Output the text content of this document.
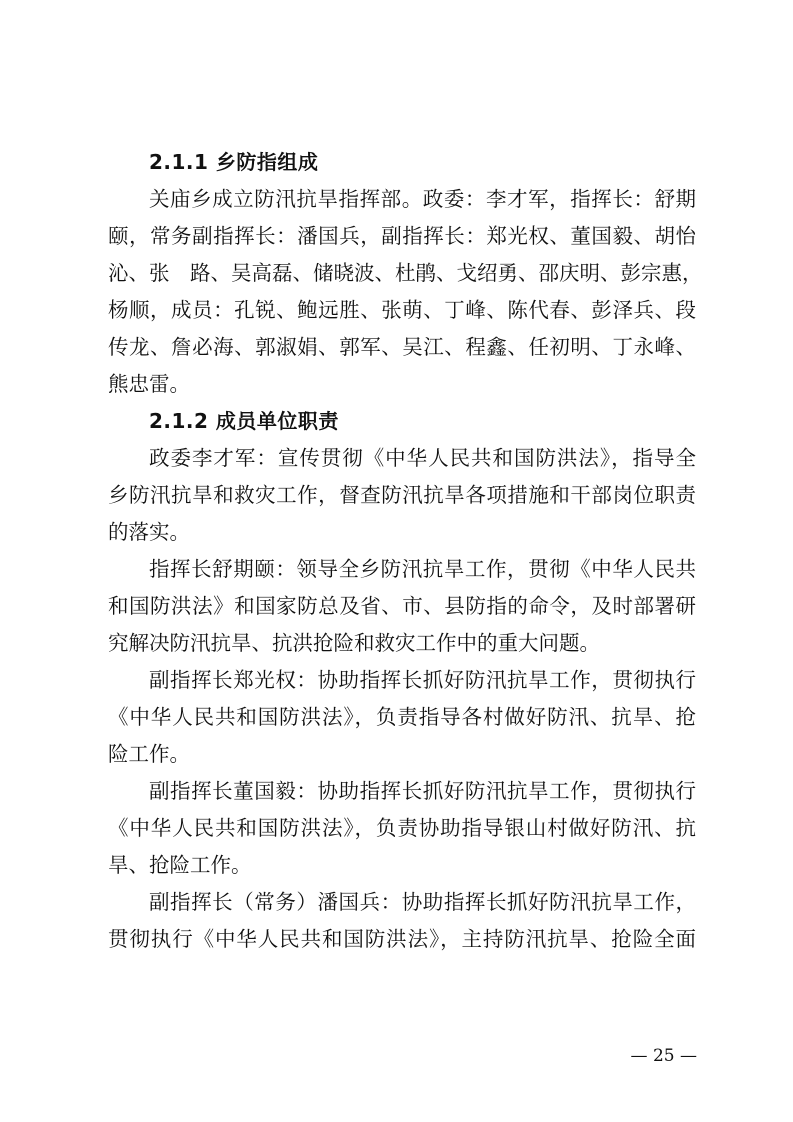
2.1.1 乡防指组成

关庙乡成立防汛抗旱指挥部。政委：李才军，指挥长：舒期
颐，常务副指挥长：潘国兵，副指挥长：郑光权、董国毅、胡怡
沁、张　路、吴高磊、储晓波、杜鹃、戈绍勇、邵庆明、彭宗惠，
杨顺，成员：孔锐、鲍远胜、张萌、丁峰、陈代春、彭泽兵、段
传龙、詹必海、郭淑娟、郭军、吴江、程鑫、任初明、丁永峰、
熊忠雷。

2.1.2 成员单位职责

政委李才军：宣传贯彻《中华人民共和国防洪法》，指导全
乡防汛抗旱和救灾工作，督查防汛抗旱各项措施和干部岗位职责
的落实。

指挥长舒期颐：领导全乡防汛抗旱工作，贯彻《中华人民共
和国防洪法》和国家防总及省、市、县防指的命令，及时部署研
究解决防汛抗旱、抗洪抢险和救灾工作中的重大问题。

副指挥长郑光权：协助指挥长抓好防汛抗旱工作，贯彻执行
《中华人民共和国防洪法》，负责指导各村做好防汛、抗旱、抢
险工作。

副指挥长董国毅：协助指挥长抓好防汛抗旱工作，贯彻执行
《中华人民共和国防洪法》，负责协助指导银山村做好防汛、抗
旱、抢险工作。

副指挥长（常务）潘国兵：协助指挥长抓好防汛抗旱工作，
贯彻执行《中华人民共和国防洪法》，主持防汛抗旱、抢险全面

— 25 —
